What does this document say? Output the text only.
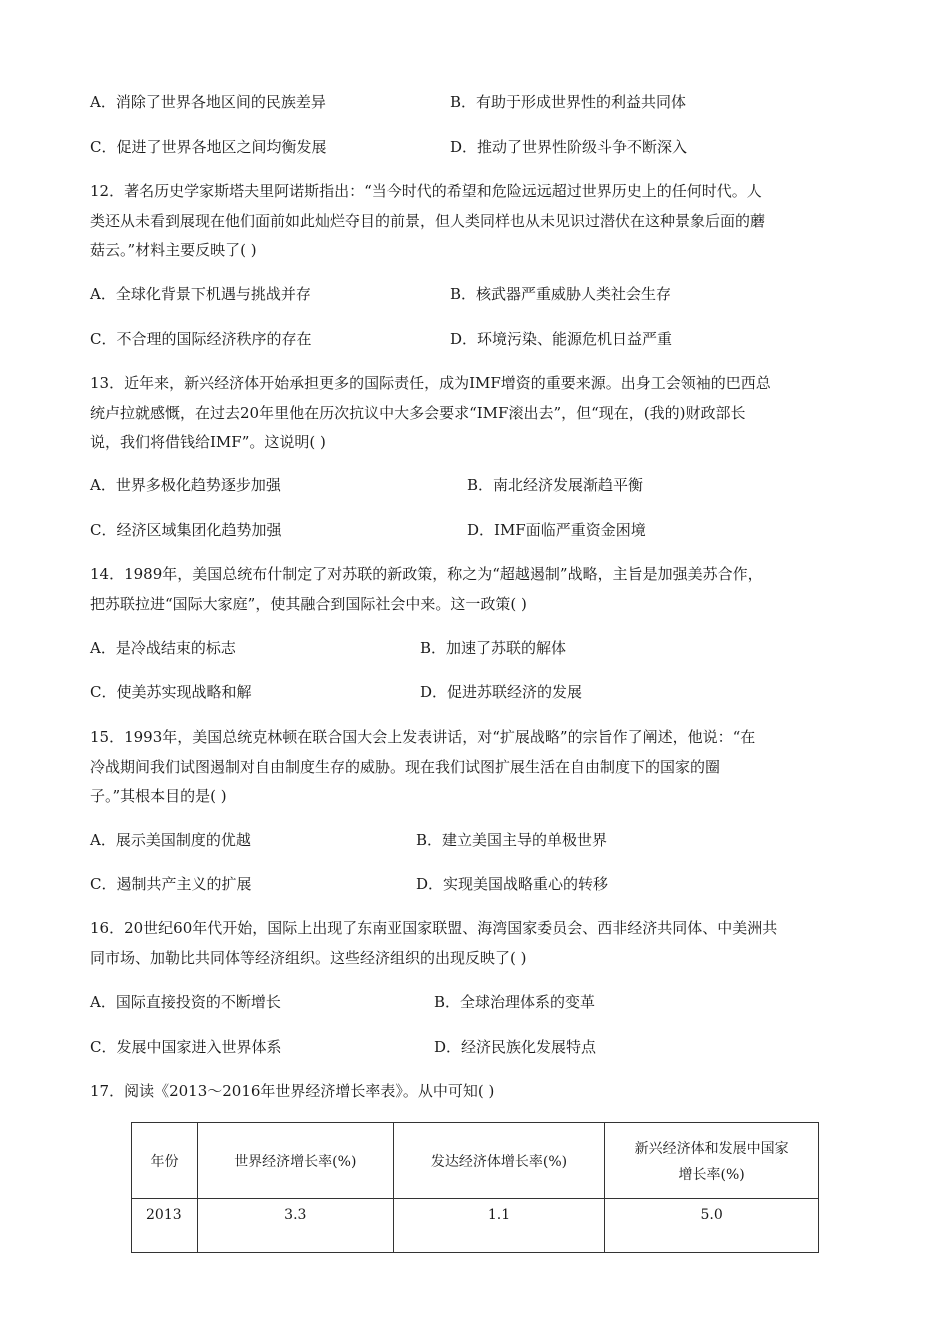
A．消除了世界各地区间的民族差异	B．有助于形成世界性的利益共同体
C．促进了世界各地区之间均衡发展	D．推动了世界性阶级斗争不断深入
12．著名历史学家斯塔夫里阿诺斯指出：“当今时代的希望和危险远远超过世界历史上的任何时代。人
类还从未看到展现在他们面前如此灿烂夺目的前景，但人类同样也从未见识过潜伏在这种景象后面的蘑
菇云。”材料主要反映了( )
A．全球化背景下机遇与挑战并存	B．核武器严重威胁人类社会生存
C．不合理的国际经济秩序的存在	D．环境污染、能源危机日益严重
13．近年来，新兴经济体开始承担更多的国际责任，成为IMF增资的重要来源。出身工会领袖的巴西总
统卢拉就感慨，在过去20年里他在历次抗议中大多会要求“IMF滚出去”，但“现在，(我的)财政部长
说，我们将借钱给IMF”。这说明( )
A．世界多极化趋势逐步加强	B．南北经济发展渐趋平衡
C．经济区域集团化趋势加强	D．IMF面临严重资金困境
14．1989年，美国总统布什制定了对苏联的新政策，称之为“超越遏制”战略，主旨是加强美苏合作，
把苏联拉进“国际大家庭”，使其融合到国际社会中来。这一政策( )
A．是冷战结束的标志	B．加速了苏联的解体
C．使美苏实现战略和解	D．促进苏联经济的发展
15．1993年，美国总统克林顿在联合国大会上发表讲话，对“扩展战略”的宗旨作了阐述，他说：“在
冷战期间我们试图遏制对自由制度生存的威胁。现在我们试图扩展生活在自由制度下的国家的圈
子。”其根本目的是( )
A．展示美国制度的优越	B．建立美国主导的单极世界
C．遏制共产主义的扩展	D．实现美国战略重心的转移
16．20世纪60年代开始，国际上出现了东南亚国家联盟、海湾国家委员会、西非经济共同体、中美洲共
同市场、加勒比共同体等经济组织。这些经济组织的出现反映了( )
A．国际直接投资的不断增长	B．全球治理体系的变革
C．发展中国家进入世界体系	D．经济民族化发展特点
17．阅读《2013～2016年世界经济增长率表》。从中可知( )
年份	世界经济增长率(%)	发达经济体增长率(%)	新兴经济体和发展中国家
增长率(%)

2013	3.3	1.1	5.0
